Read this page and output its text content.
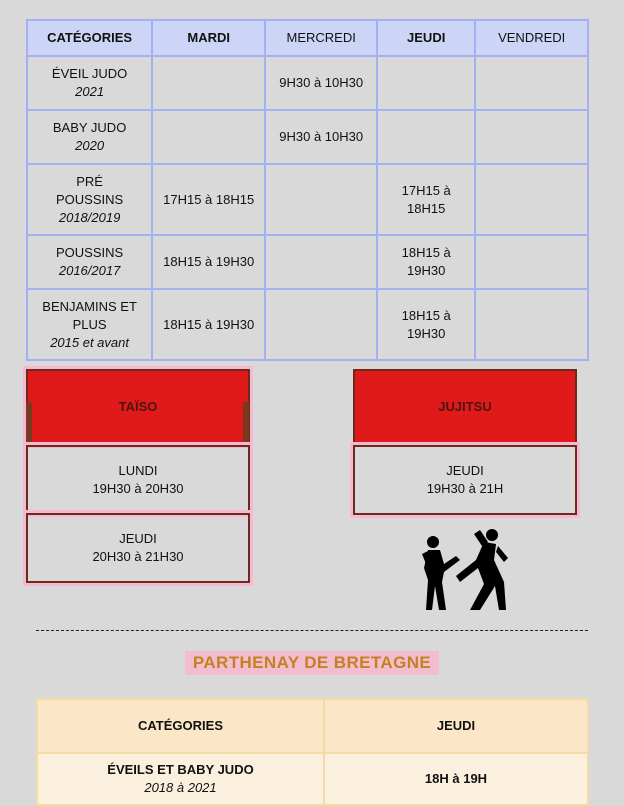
CATÉGORIES	MARDI	MERCREDI	JEUDI	VENDREDI

ÉVEIL JUDO
2021		9H30 à 10H30		

BABY JUDO
2020		9H30 à 10H30		

PRÉ POUSSINS
2018/2019	17H15 à 18H15		17H15 à 18H15	

POUSSINS
2016/2017	18H15 à 19H30		18H15 à 19H30	

BENJAMINS ET PLUS
2015 et avant	18H15 à 19H30		18H15 à 19H30	
TAÏSO
LUNDI
19H30 à 20H30
JEUDI
20H30 à 21H30
JUJITSU
JEUDI
19H30 à 21H
PARTHENAY DE BRETAGNE
CATÉGORIES	JEUDI

ÉVEILS ET BABY JUDO
2018 à 2021	18H à 19H
